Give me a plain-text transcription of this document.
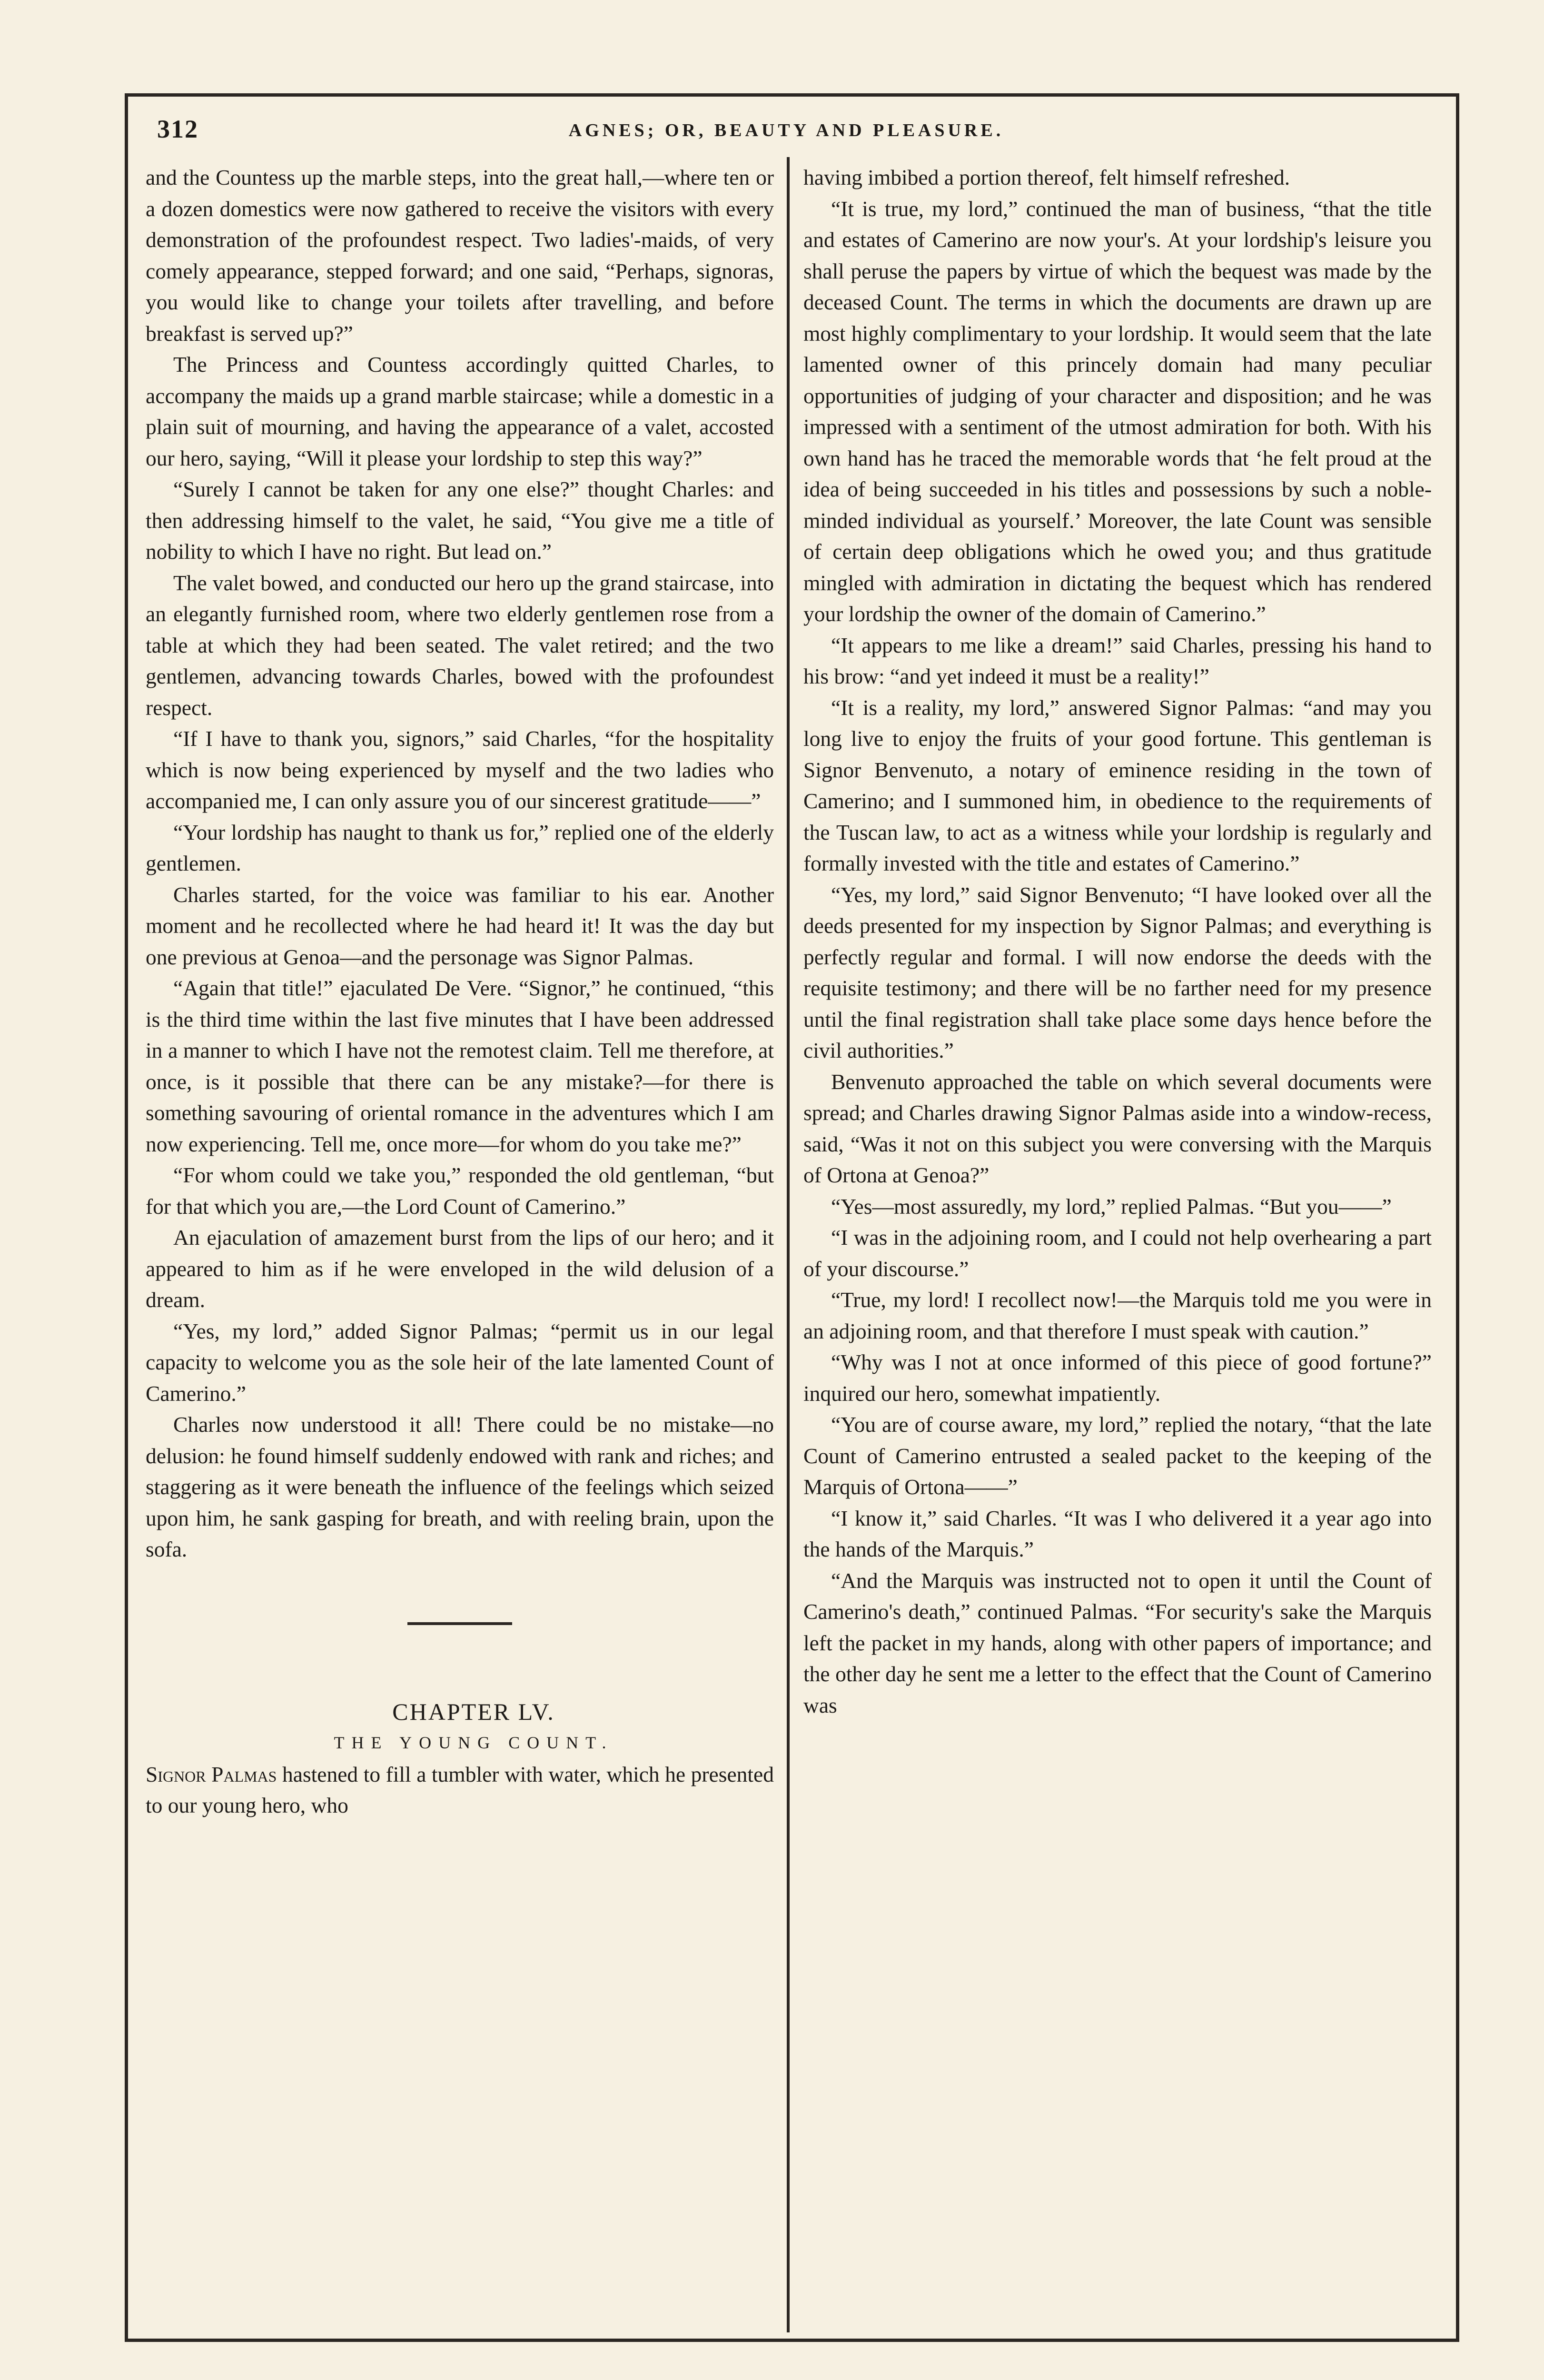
312	AGNES; OR, BEAUTY AND PLEASURE.

and the Countess up the marble steps, into the great hall,—where ten or a dozen domestics were now gathered to receive the visitors with every demonstration of the profoundest respect. Two ladies'-maids, of very comely appearance, stepped forward; and one said, “Perhaps, signoras, you would like to change your toilets after travelling, and before breakfast is served up?”

The Princess and Countess accordingly quitted Charles, to accompany the maids up a grand marble staircase; while a domestic in a plain suit of mourning, and having the appearance of a valet, accosted our hero, saying, “Will it please your lordship to step this way?”

“Surely I cannot be taken for any one else?” thought Charles: and then addressing himself to the valet, he said, “You give me a title of nobility to which I have no right. But lead on.”

The valet bowed, and conducted our hero up the grand staircase, into an elegantly furnished room, where two elderly gentlemen rose from a table at which they had been seated. The valet retired; and the two gentlemen, advancing towards Charles, bowed with the profoundest respect.

“If I have to thank you, signors,” said Charles, “for the hospitality which is now being experienced by myself and the two ladies who accompanied me, I can only assure you of our sincerest gratitude——”

“Your lordship has naught to thank us for,” replied one of the elderly gentlemen.

Charles started, for the voice was familiar to his ear. Another moment and he recollected where he had heard it! It was the day but one previous at Genoa—and the personage was Signor Palmas.

“Again that title!” ejaculated De Vere. “Signor,” he continued, “this is the third time within the last five minutes that I have been addressed in a manner to which I have not the remotest claim. Tell me therefore, at once, is it possible that there can be any mistake?—for there is something savouring of oriental romance in the adventures which I am now experiencing. Tell me, once more—for whom do you take me?”

“For whom could we take you,” responded the old gentleman, “but for that which you are,—the Lord Count of Camerino.”

An ejaculation of amazement burst from the lips of our hero; and it appeared to him as if he were enveloped in the wild delusion of a dream.

“Yes, my lord,” added Signor Palmas; “permit us in our legal capacity to welcome you as the sole heir of the late lamented Count of Camerino.”

Charles now understood it all! There could be no mistake—no delusion: he found himself suddenly endowed with rank and riches; and staggering as it were beneath the influence of the feelings which seized upon him, he sank gasping for breath, and with reeling brain, upon the sofa.

CHAPTER LV.

THE YOUNG COUNT.

Signor Palmas hastened to fill a tumbler with water, which he presented to our young hero, who

having imbibed a portion thereof, felt himself refreshed.

“It is true, my lord,” continued the man of business, “that the title and estates of Camerino are now your's. At your lordship's leisure you shall peruse the papers by virtue of which the bequest was made by the deceased Count. The terms in which the documents are drawn up are most highly complimentary to your lordship. It would seem that the late lamented owner of this princely domain had many peculiar opportunities of judging of your character and disposition; and he was impressed with a sentiment of the utmost admiration for both. With his own hand has he traced the memorable words that ‘he felt proud at the idea of being succeeded in his titles and possessions by such a noble-minded individual as yourself.’ Moreover, the late Count was sensible of certain deep obligations which he owed you; and thus gratitude mingled with admiration in dictating the bequest which has rendered your lordship the owner of the domain of Camerino.”

“It appears to me like a dream!” said Charles, pressing his hand to his brow: “and yet indeed it must be a reality!”

“It is a reality, my lord,” answered Signor Palmas: “and may you long live to enjoy the fruits of your good fortune. This gentleman is Signor Benvenuto, a notary of eminence residing in the town of Camerino; and I summoned him, in obedience to the requirements of the Tuscan law, to act as a witness while your lordship is regularly and formally invested with the title and estates of Camerino.”

“Yes, my lord,” said Signor Benvenuto; “I have looked over all the deeds presented for my inspection by Signor Palmas; and everything is perfectly regular and formal. I will now endorse the deeds with the requisite testimony; and there will be no farther need for my presence until the final registration shall take place some days hence before the civil authorities.”

Benvenuto approached the table on which several documents were spread; and Charles drawing Signor Palmas aside into a window-recess, said, “Was it not on this subject you were conversing with the Marquis of Ortona at Genoa?”

“Yes—most assuredly, my lord,” replied Palmas. “But you——”

“I was in the adjoining room, and I could not help overhearing a part of your discourse.”

“True, my lord! I recollect now!—the Marquis told me you were in an adjoining room, and that therefore I must speak with caution.”

“Why was I not at once informed of this piece of good fortune?” inquired our hero, somewhat impatiently.

“You are of course aware, my lord,” replied the notary, “that the late Count of Camerino entrusted a sealed packet to the keeping of the Marquis of Ortona——”

“I know it,” said Charles. “It was I who delivered it a year ago into the hands of the Marquis.”

“And the Marquis was instructed not to open it until the Count of Camerino's death,” continued Palmas. “For security's sake the Marquis left the packet in my hands, along with other papers of importance; and the other day he sent me a letter to the effect that the Count of Camerino was
